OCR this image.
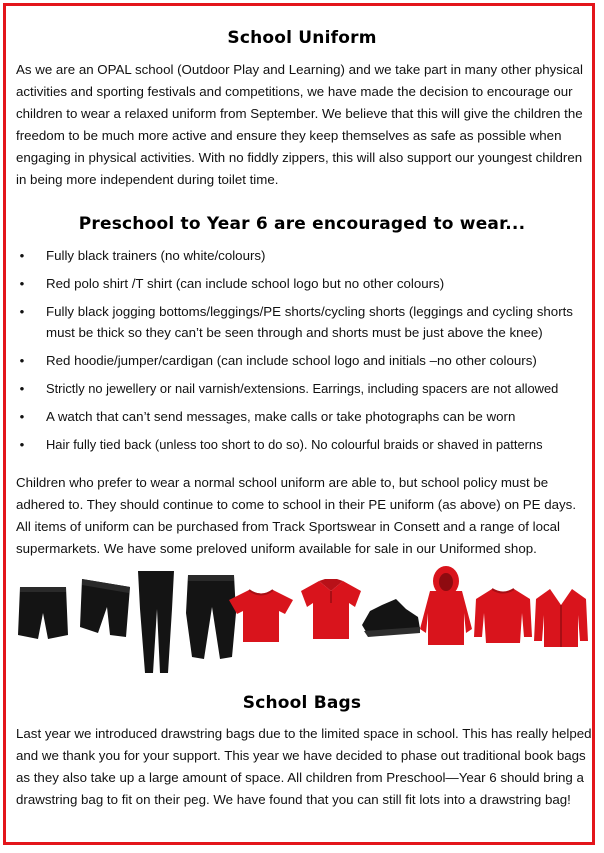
School Uniform

As we are an OPAL school (Outdoor Play and Learning) and we take part in many other physical activities and sporting festivals and competitions, we have made the decision to encourage our children to wear a relaxed uniform from September. We believe that this will give the children the freedom to be much more active and ensure they keep themselves as safe as possible when engaging in physical activities. With no fiddly zippers, this will also support our youngest children in being more independent during toilet time.

Preschool to Year 6 are encouraged to wear...
• Fully black trainers (no white/colours)
• Red polo shirt /T shirt (can include school logo but no other colours)
• Fully black jogging bottoms/leggings/PE shorts/cycling shorts (leggings and cycling shorts must be thick so they can’t be seen through and shorts must be just above the knee)
• Red hoodie/jumper/cardigan (can include school logo and initials –no other colours)
• Strictly no jewellery or nail varnish/extensions. Earrings, including spacers are not allowed
• A watch that can’t send messages, make calls or take photographs can be worn
• Hair fully tied back (unless too short to do so). No colourful braids or shaved in patterns

Children who prefer to wear a normal school uniform are able to, but school policy must be adhered to. They should continue to come to school in their PE uniform (as above) on PE days. All items of uniform can be purchased from Track Sportswear in Consett and a range of local supermarkets. We have some preloved uniform available for sale in our Uniformed shop.

School Bags

Last year we introduced drawstring bags due to the limited space in school. This has really helped and we thank you for your support. This year we have decided to phase out traditional book bags as they also take up a large amount of space. All children from Preschool—Year 6 should bring a drawstring bag to fit on their peg. We have found that you can still fit lots into a drawstring bag!
